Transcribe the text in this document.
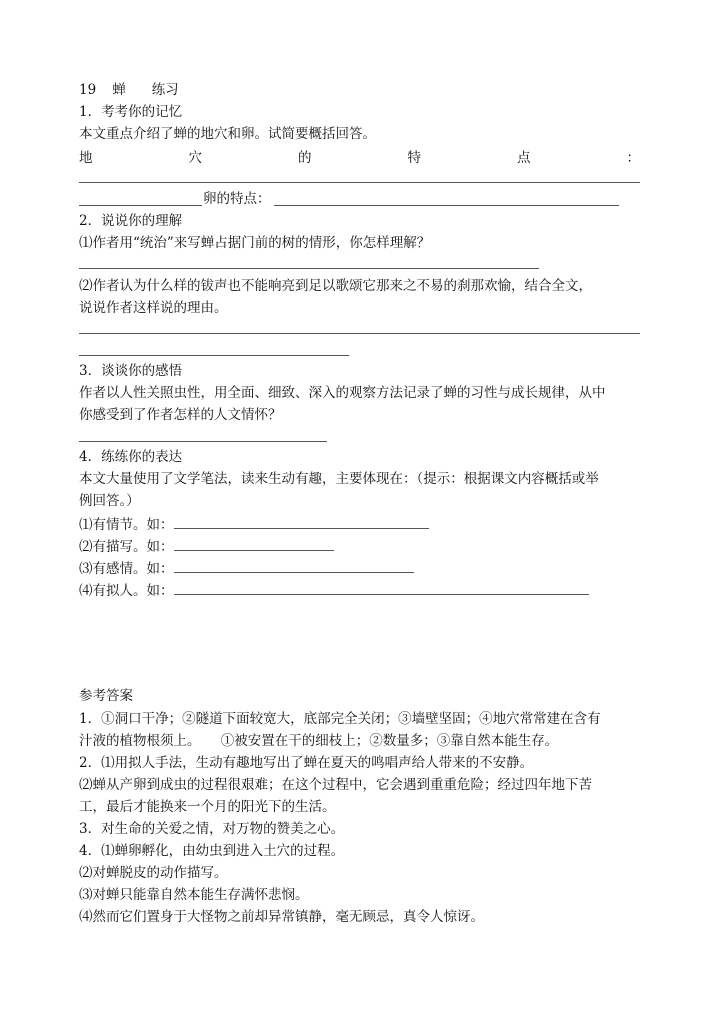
19 蝉 练习
1．考考你的记忆
本文重点介绍了蝉的地穴和卵。试简要概括回答。
地	穴	的	特	点	：
卵的特点：
2．说说你的理解
⑴作者用“统治”来写蝉占据门前的树的情形，你怎样理解？
⑵作者认为什么样的钹声也不能响亮到足以歌颂它那来之不易的刹那欢愉，结合全文，
说说作者这样说的理由。
3．谈谈你的感悟
作者以人性关照虫性，用全面、细致、深入的观察方法记录了蝉的习性与成长规律，从中
你感受到了作者怎样的人文情怀？
4．练练你的表达
本文大量使用了文学笔法，读来生动有趣，主要体现在：（提示：根据课文内容概括或举
例回答。）
⑴有情节。如：
⑵有描写。如：
⑶有感情。如：
⑷有拟人。如：
参考答案
1．①洞口干净；②隧道下面较宽大，底部完全关闭；③墙壁坚固；④地穴常常建在含有
汁液的植物根须上。　　①被安置在干的细枝上；②数量多；③靠自然本能生存。
2．⑴用拟人手法，生动有趣地写出了蝉在夏天的鸣唱声给人带来的不安静。
⑵蝉从产卵到成虫的过程很艰难；在这个过程中，它会遇到重重危险；经过四年地下苦
工，最后才能换来一个月的阳光下的生活。
3．对生命的关爱之情，对万物的赞美之心。
4．⑴蝉卵孵化，由幼虫到进入土穴的过程。
⑵对蝉脱皮的动作描写。
⑶对蝉只能靠自然本能生存满怀悲悯。
⑷然而它们置身于大怪物之前却异常镇静，毫无顾忌，真令人惊讶。
